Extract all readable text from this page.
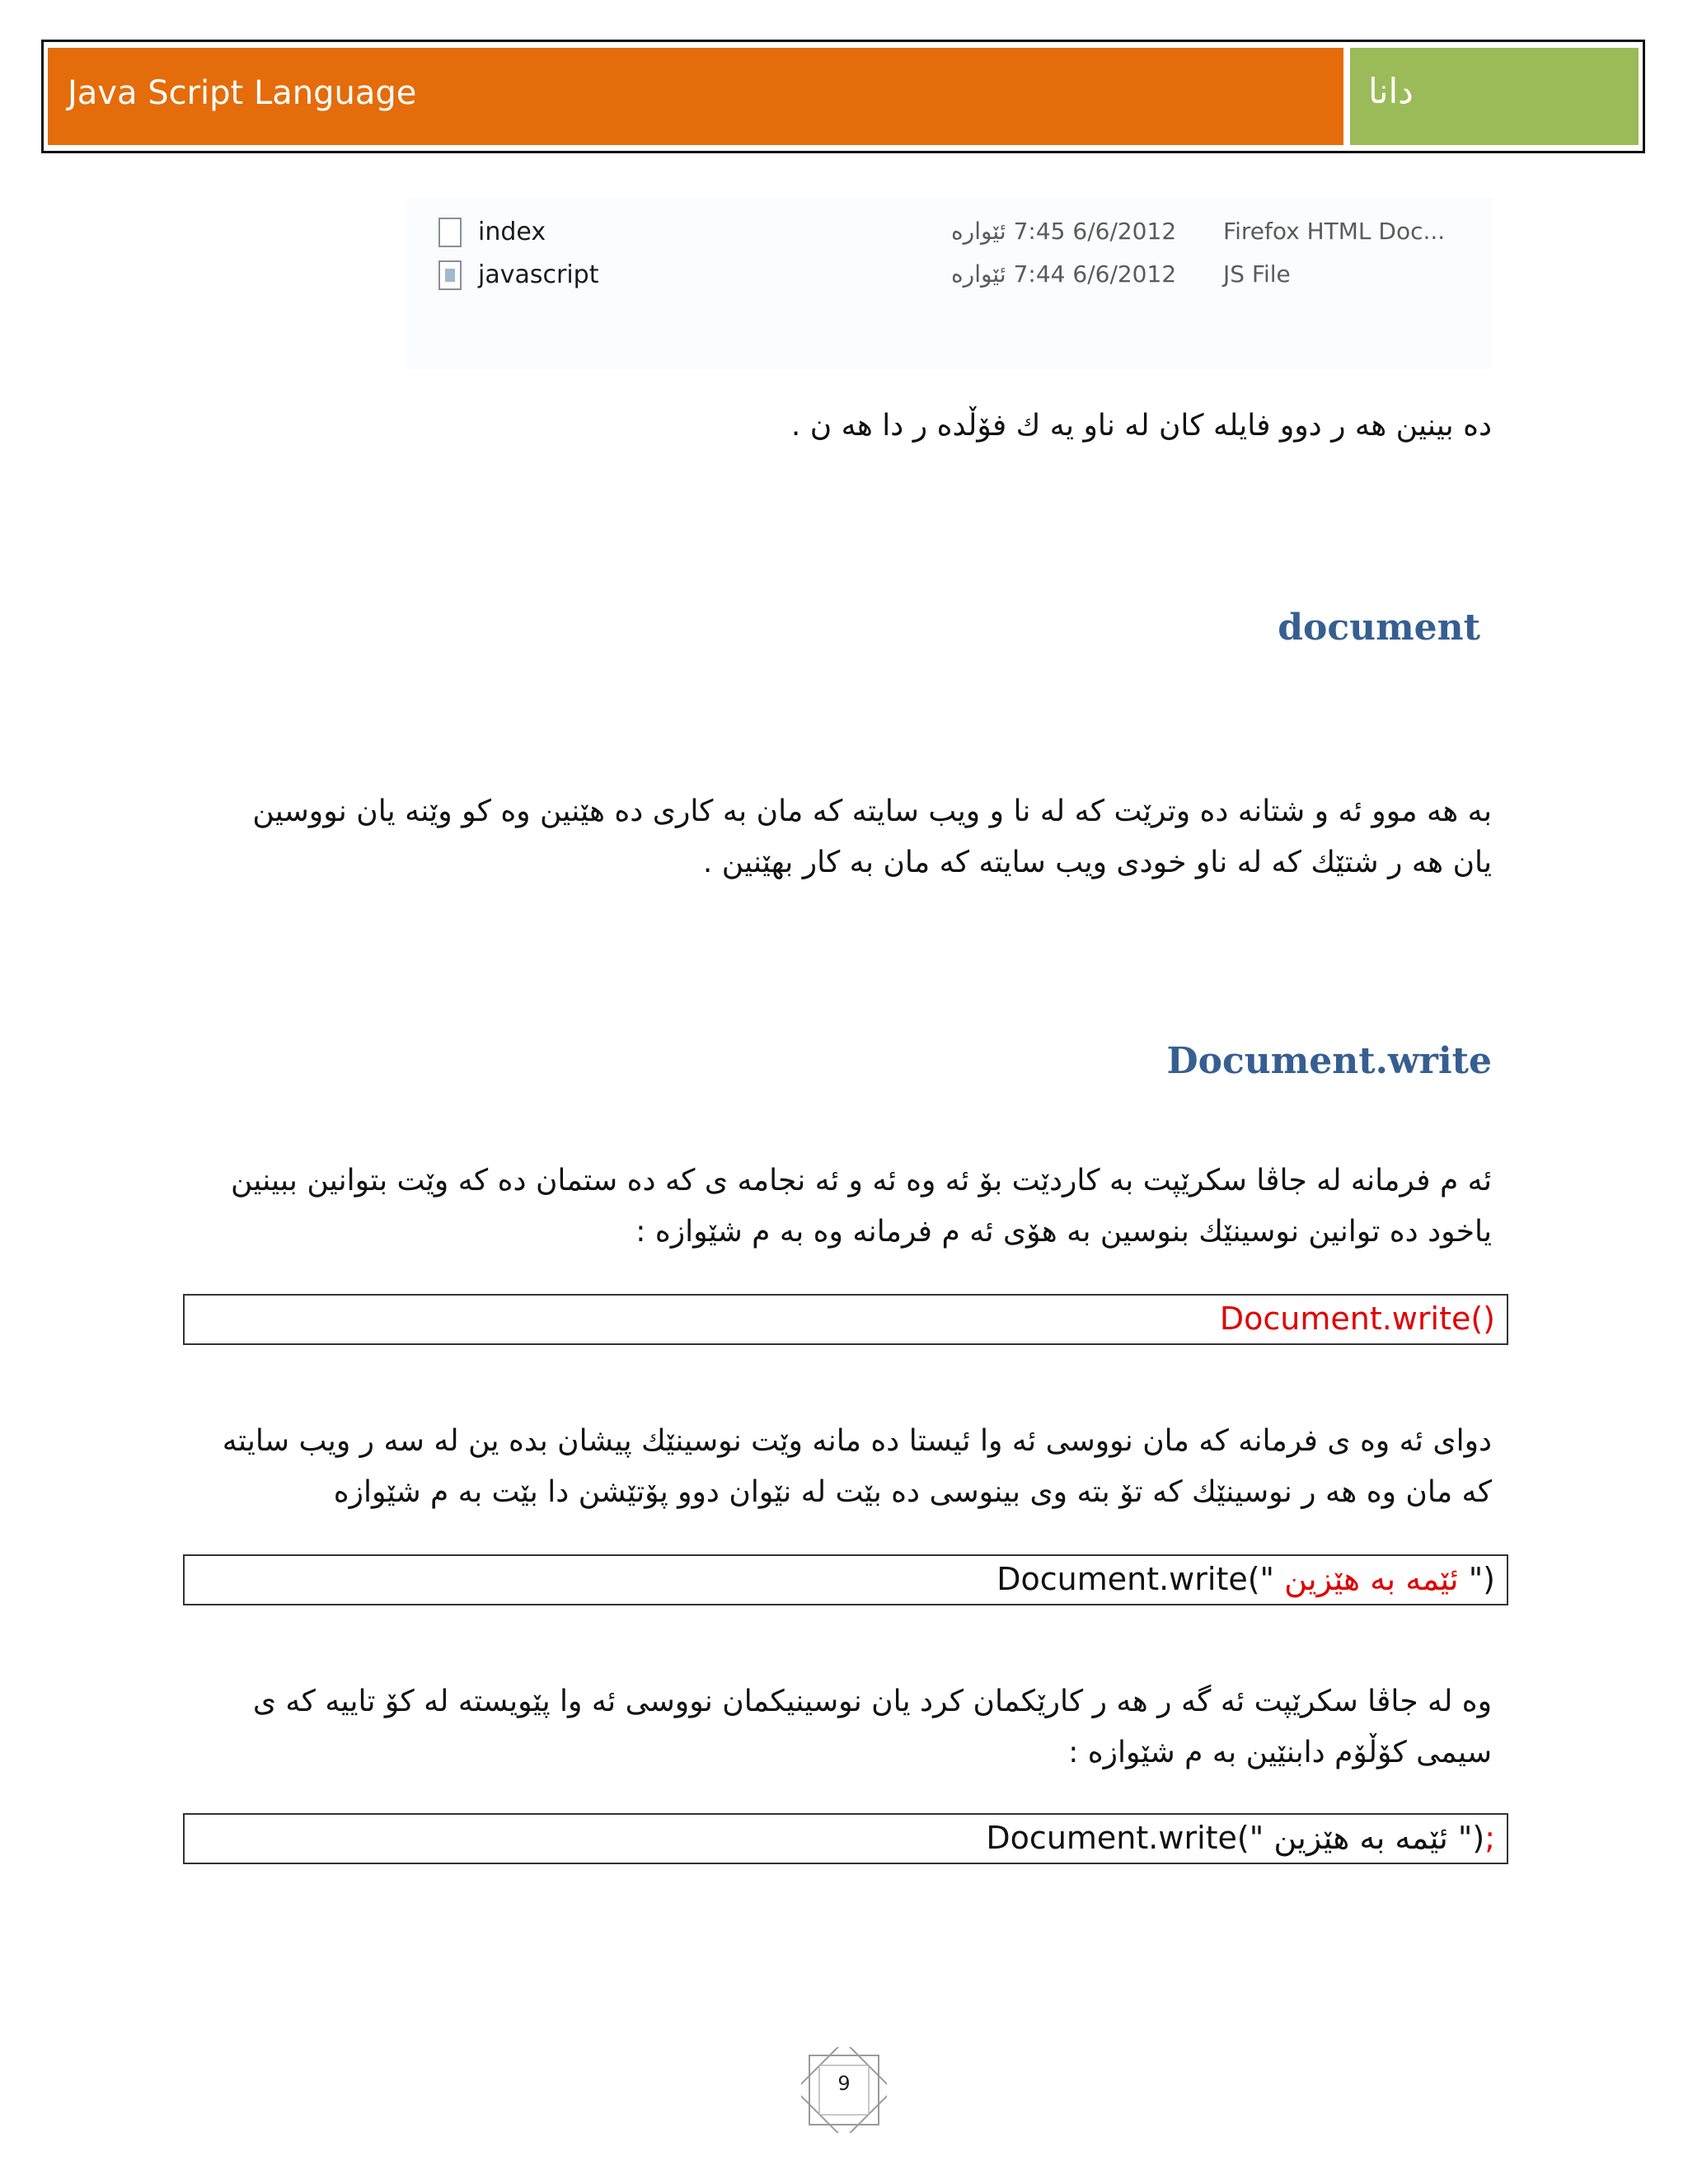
Java Script Language	دانا
index	6/6/2012 7:45 ئێواره Firefox HTML Doc...
javascript	6/6/2012 7:44 ئێواره JS File
ده بینین هه ر دوو فایله كان له ناو یه ك فۆڵده ر دا هه ن .
document
به هه موو ئه و شتانه ده وترێت كه له نا و ویب سایته كه مان به كاری ده هێنین وه كو وێنه یان نووسین
یان هه ر شتێك كه له ناو خودی ویب سایته كه مان به كار بهێنین .
Document.write
ئه م فرمانه له جاڤا سكرێپت به كاردێت بۆ ئه وه ئه و ئه نجامه ی كه ده ستمان ده كه وێت بتوانین ببینین
یاخود ده توانین نوسینێك بنوسین به هۆی ئه م فرمانه وه به م شێوازه :
Document.write()
دوای ئه وه ی فرمانه كه مان نووسی ئه وا ئیستا ده مانه وێت نوسینێك پیشان بده ین له سه ر ویب سایته
كه مان وه هه ر نوسینێك كه تۆ بته وی بینوسی ده بێت له نێوان دوو پۆتێشن دا بێت به م شێوازه
Document.write(" ئێمه به هێزین ")
وه له جاڤا سكرێپت ئه گه ر هه ر كارێكمان كرد یان نوسینیكمان نووسی ئه وا پێویسته له كۆ تاییه كه ی
سیمی كۆڵۆم دابنێین به م شێوازه :
Document.write(" ئێمه به هێزین ");
9
